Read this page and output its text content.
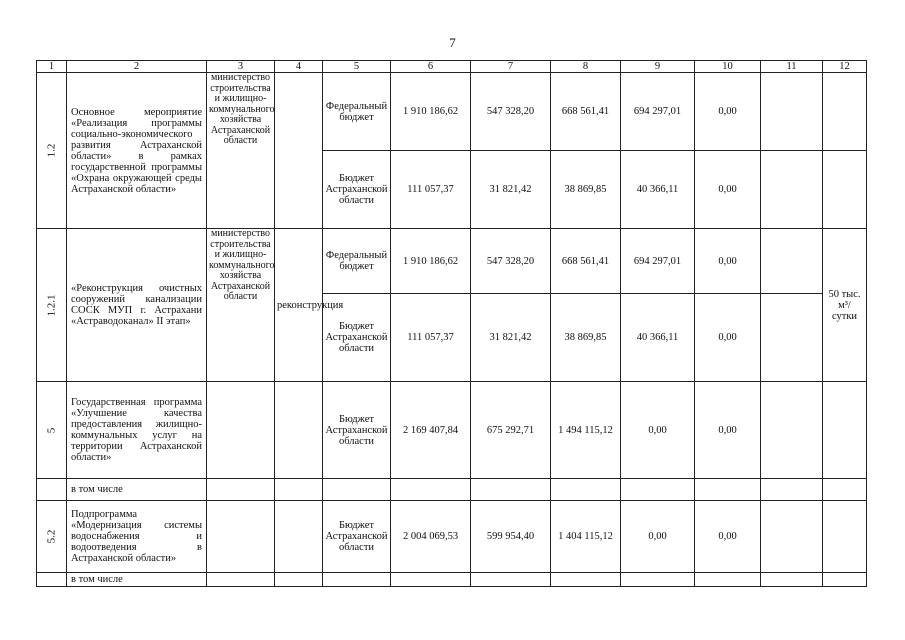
7
1	2	3	4	5	6	7	8	9	10	11	12
1.2	Основное мероприятие «Реализация программы социально-экономического развития Астраханской области» в рамках государственной программы «Охрана окружающей среды Астраханской области»	министерство строительства и жилищно-коммунального хозяйства Астраханской области		Федеральный бюджет	1 910 186,62	547 328,20	668 561,41	694 297,01	0,00		
				Бюджет Астраханской области	111 057,37	31 821,42	38 869,85	40 366,11	0,00		
1.2.1	«Реконструкция очистных сооружений канализации СОСК МУП г. Астрахани «Астраводоканал» II этап»	министерство строительства и жилищно-коммунального хозяйства Астраханской области	реконструкция	Федеральный бюджет	1 910 186,62	547 328,20	668 561,41	694 297,01	0,00		50 тыс. м³/ сутки
				Бюджет Астраханской области	111 057,37	31 821,42	38 869,85	40 366,11	0,00		
5	Государственная программа «Улучшение качества предоставления жилищно-коммунальных услуг на территории Астраханской области»			Бюджет Астраханской области	2 169 407,84	675 292,71	1 494 115,12	0,00	0,00		
	в том числе										
5.2	Подпрограмма «Модернизация системы водоснабжения и водоотведения в Астраханской области»			Бюджет Астраханской области	2 004 069,53	599 954,40	1 404 115,12	0,00	0,00		
	в том числе										
